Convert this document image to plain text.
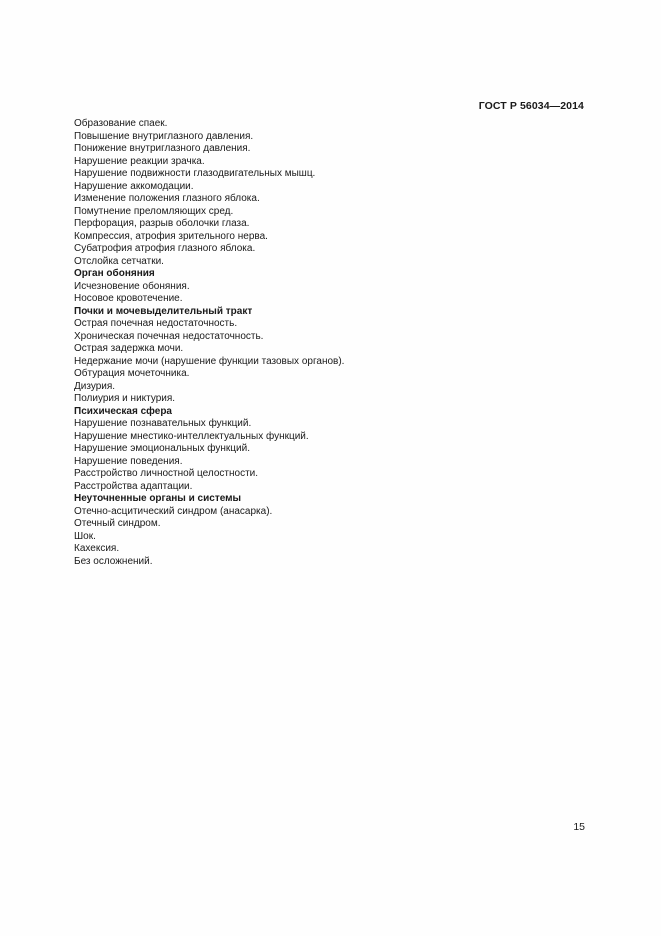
ГОСТ Р 56034—2014
Образование спаек.
Повышение внутриглазного давления.
Понижение внутриглазного давления.
Нарушение реакции зрачка.
Нарушение подвижности глазодвигательных мышц.
Нарушение аккомодации.
Изменение положения глазного яблока.
Помутнение преломляющих сред.
Перфорация, разрыв оболочки глаза.
Компрессия, атрофия зрительного нерва.
Субатрофия атрофия глазного яблока.
Отслойка сетчатки.
Орган обоняния
Исчезновение обоняния.
Носовое кровотечение.
Почки и мочевыделительный тракт
Острая почечная недостаточность.
Хроническая почечная недостаточность.
Острая задержка мочи.
Недержание мочи (нарушение функции тазовых органов).
Обтурация мочеточника.
Дизурия.
Полиурия и никтурия.
Психическая сфера
Нарушение познавательных функций.
Нарушение мнестико-интеллектуальных функций.
Нарушение эмоциональных функций.
Нарушение поведения.
Расстройство личностной целостности.
Расстройства адаптации.
Неуточненные органы и системы
Отечно-асцитический синдром (анасарка).
Отечный синдром.
Шок.
Кахексия.
Без осложнений.
15
